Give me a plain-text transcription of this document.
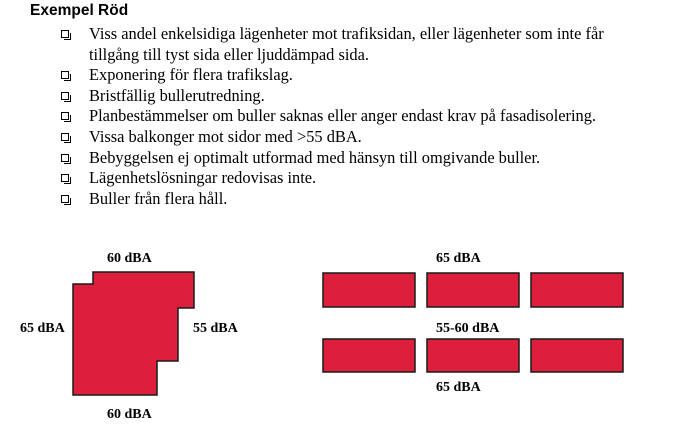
Exempel Röd
Viss andel enkelsidiga lägenheter mot trafiksidan, eller lägenheter som inte får tillgång till tyst sida eller ljuddämpad sida.
Exponering för flera trafikslag.
Bristfällig bullerutredning.
Planbestämmelser om buller saknas eller anger endast krav på fasadisolering.
Vissa balkonger mot sidor med >55 dBA.
Bebyggelsen ej optimalt utformad med hänsyn till omgivande buller.
Lägenhetslösningar redovisas inte.
Buller från flera håll.
60 dBA
65 dBA	55 dBA
60 dBA
65 dBA
55-60 dBA
65 dBA
